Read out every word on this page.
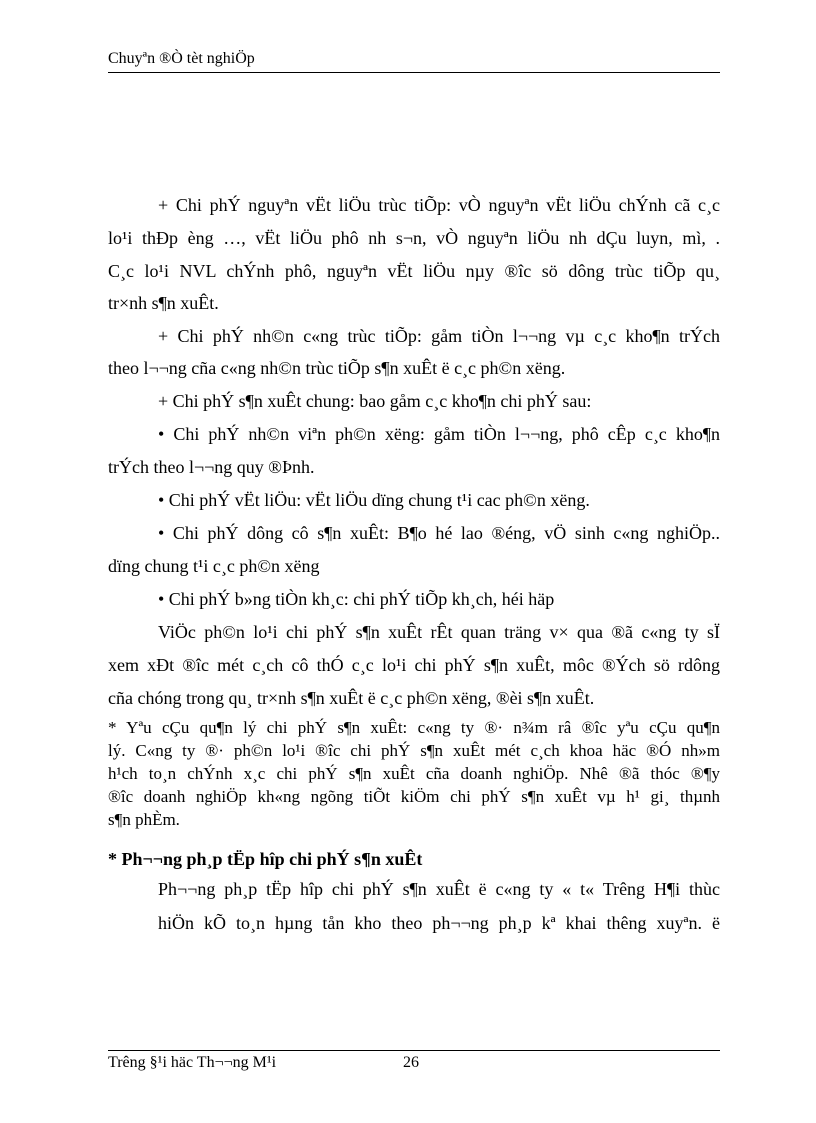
Chuyªn ®Ò tèt nghiÖp
+ Chi phÝ nguyªn vËt liÖu trùc tiÕp: vÒ nguyªn vËt liÖu chÝnh cã c¸c
lo¹i thÐp èng …, vËt liÖu phô nh s¬n, vÒ nguyªn liÖu nh dÇu luyn, mì, .
C¸c lo¹i NVL chÝnh phô, nguyªn vËt liÖu nµy ®îc sö dông trùc tiÕp qu¸
tr×nh s¶n xuÊt.
+ Chi phÝ nh©n c«ng trùc tiÕp: gåm tiÒn l¬¬ng vµ c¸c kho¶n trÝch
theo l¬¬ng cña c«ng nh©n trùc tiÕp s¶n xuÊt ë c¸c ph©n xëng.
+ Chi phÝ s¶n xuÊt chung: bao gåm c¸c kho¶n chi phÝ sau:
• Chi phÝ nh©n viªn ph©n xëng: gåm tiÒn l¬¬ng, phô cÊp c¸c kho¶n
trÝch theo l¬¬ng quy ®Þnh.
• Chi phÝ vËt liÖu: vËt liÖu dïng chung t¹i cac ph©n xëng.
• Chi phÝ dông cô s¶n xuÊt: B¶o hé lao ®éng, vÖ sinh c«ng nghiÖp..
dïng chung t¹i c¸c ph©n xëng
• Chi phÝ b»ng tiÒn kh¸c: chi phÝ tiÕp kh¸ch, héi häp
ViÖc ph©n lo¹i chi phÝ s¶n xuÊt rÊt quan träng v× qua ®ã c«ng ty sÏ
xem xÐt ®îc mét c¸ch cô thÓ c¸c lo¹i chi phÝ s¶n xuÊt, môc ®Ých sö rdông
cña chóng trong qu¸ tr×nh s¶n xuÊt ë c¸c ph©n xëng, ®èi s¶n xuÊt.
* Yªu cÇu qu¶n lý chi phÝ s¶n xuÊt: c«ng ty ®· n¾m râ ®îc yªu cÇu qu¶n
lý. C«ng ty ®· ph©n lo¹i ®îc chi phÝ s¶n xuÊt mét c¸ch khoa häc ®Ó nh»m
h¹ch to¸n chÝnh x¸c chi phÝ s¶n xuÊt cña doanh nghiÖp. Nhê ®ã thóc ®¶y
®îc doanh nghiÖp kh«ng ngõng tiÕt kiÖm chi phÝ s¶n xuÊt vµ h¹ gi¸ thµnh
s¶n phÈm.
* Ph¬¬ng ph¸p tËp hîp chi phÝ s¶n xuÊt
Ph¬¬ng ph¸p tËp hîp chi phÝ s¶n xuÊt ë c«ng ty « t« Trêng H¶i thùc
hiÖn kÕ to¸n hµng tån kho theo ph¬¬ng ph¸p kª khai thêng xuyªn. ë
Trêng §¹i häc Th¬¬ng M¹i	26
